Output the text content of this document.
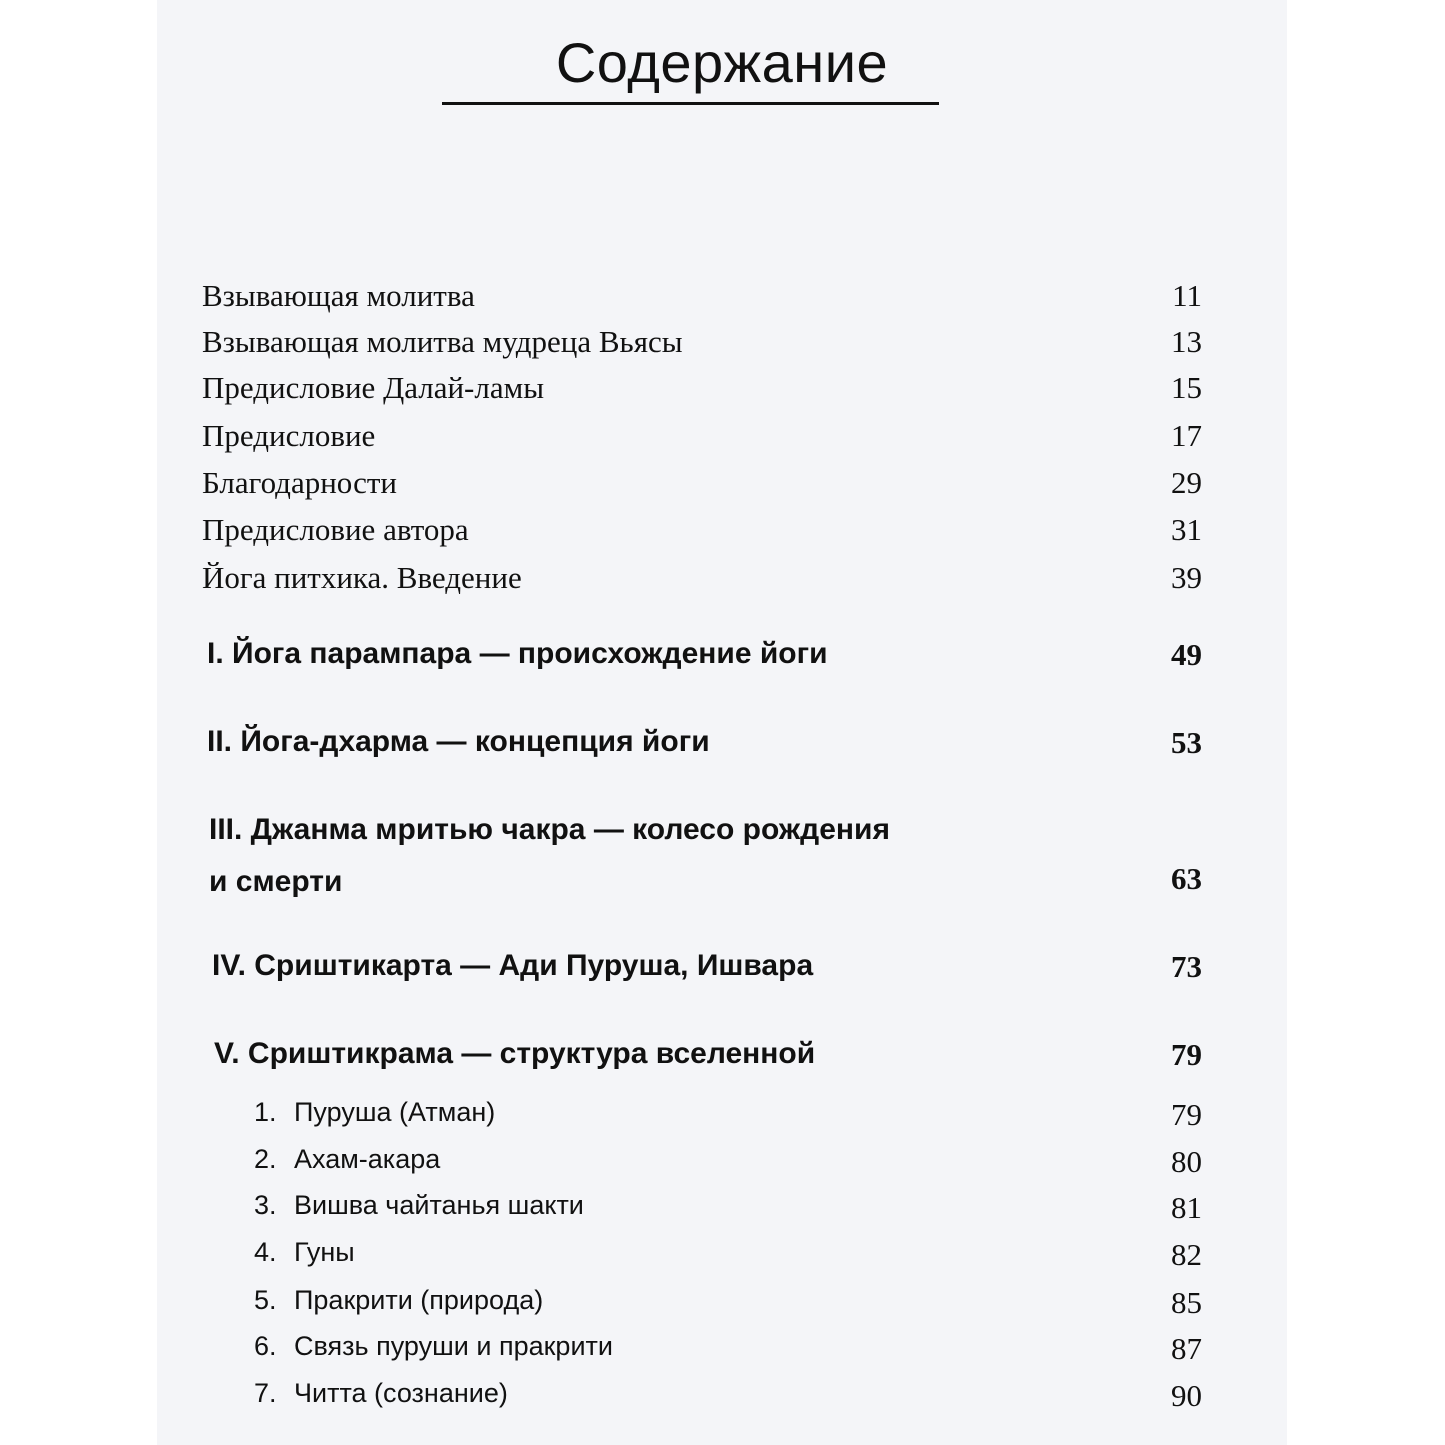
Содержание
Взывающая молитва	11
Взывающая молитва мудреца Вьясы	13
Предисловие Далай-ламы	15
Предисловие	17
Благодарности	29
Предисловие автора	31
Йога питхика. Введение	39
I. Йога парампара — происхождение йоги	49
II. Йога-дхарма — концепция йоги	53
III. Джанма мритью чакра — колесо рождения
и смерти	63
IV. Сриштикарта — Ади Пуруша, Ишвара	73
V. Сриштикрама — структура вселенной	79
1. Пуруша (Атман)	79
2. Ахам-акара	80
3. Вишва чайтанья шакти	81
4. Гуны	82
5. Пракрити (природа)	85
6. Связь пуруши и пракрити	87
7. Читта (сознание)	90
